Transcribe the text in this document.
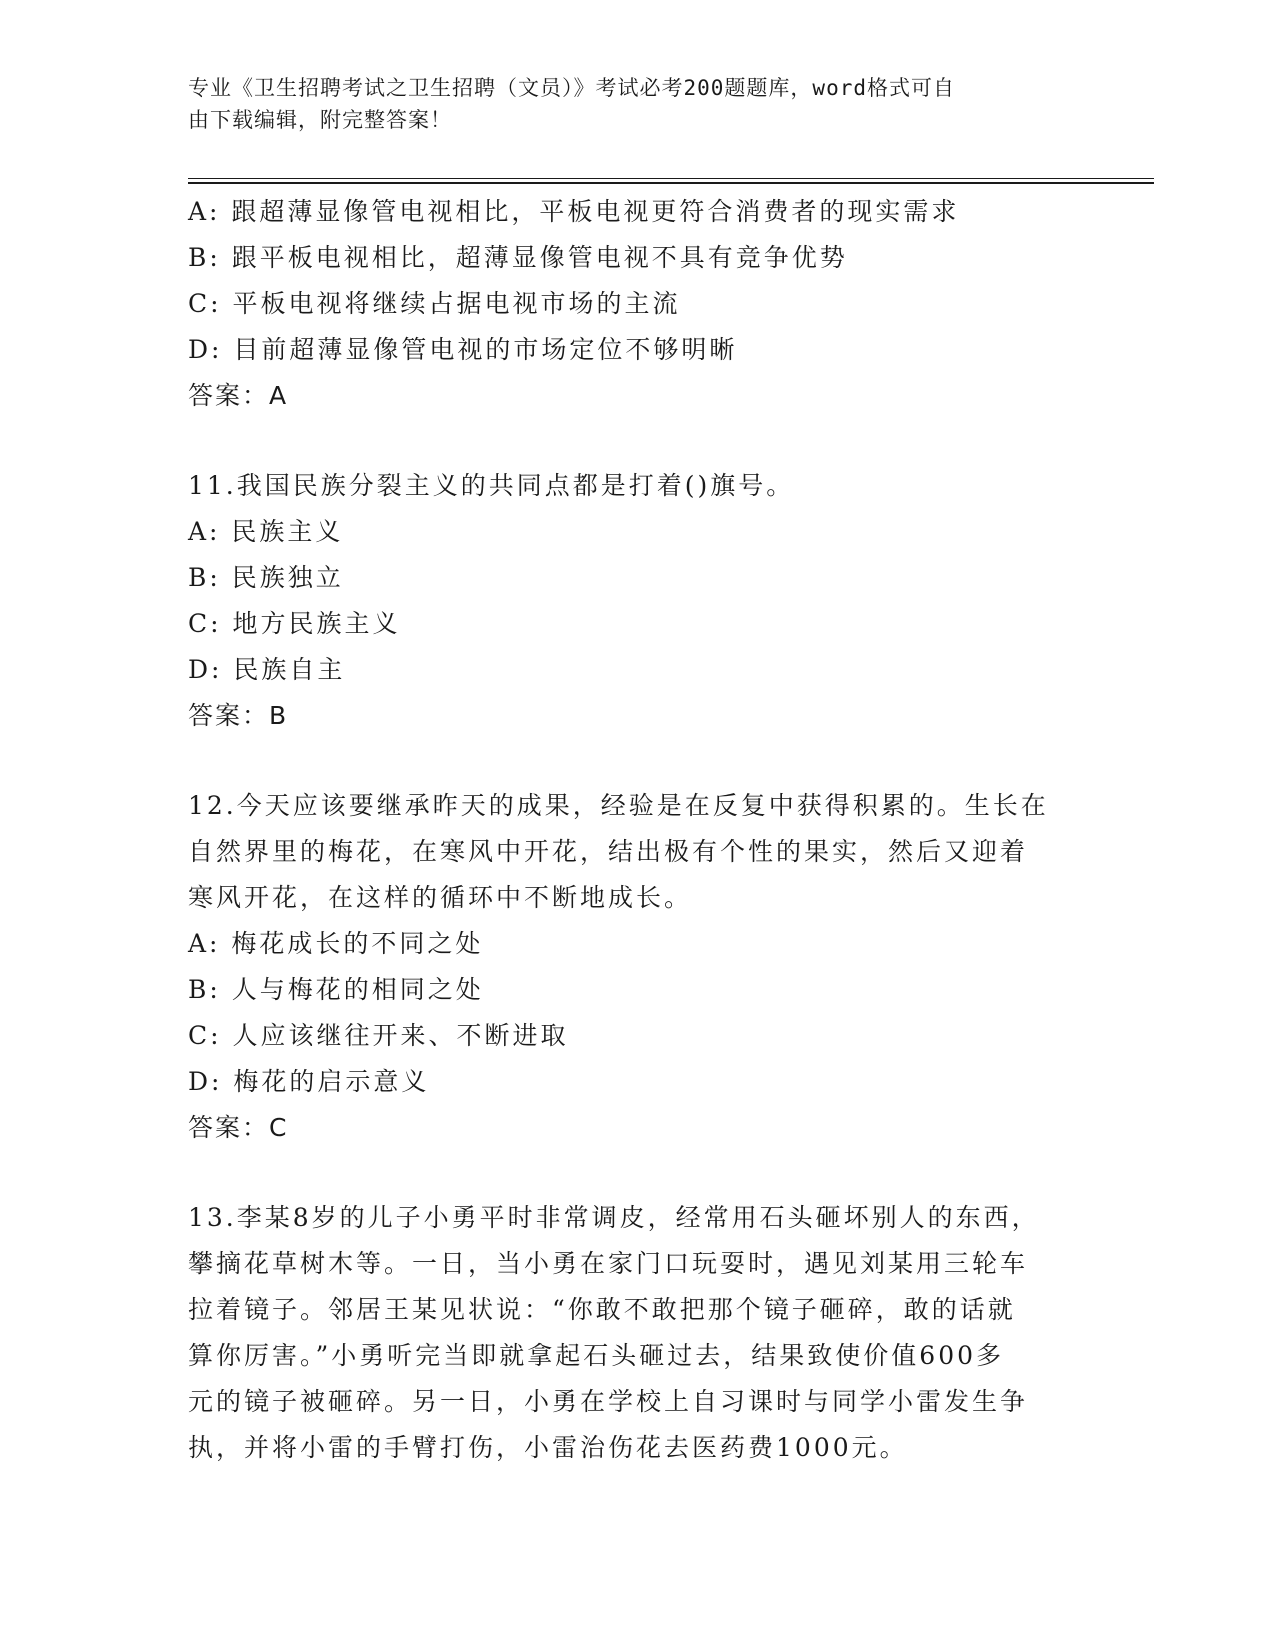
专业《卫生招聘考试之卫生招聘（文员）》考试必考200题题库，word格式可自
由下载编辑，附完整答案！
A: 跟超薄显像管电视相比，平板电视更符合消费者的现实需求
B: 跟平板电视相比，超薄显像管电视不具有竞争优势
C: 平板电视将继续占据电视市场的主流
D: 目前超薄显像管电视的市场定位不够明晰
答案：A
11.我国民族分裂主义的共同点都是打着()旗号。
A: 民族主义
B: 民族独立
C: 地方民族主义
D: 民族自主
答案：B
12.今天应该要继承昨天的成果，经验是在反复中获得积累的。生长在
自然界里的梅花，在寒风中开花，结出极有个性的果实，然后又迎着
寒风开花，在这样的循环中不断地成长。
A: 梅花成长的不同之处
B: 人与梅花的相同之处
C: 人应该继往开来、不断进取
D: 梅花的启示意义
答案：C
13.李某8岁的儿子小勇平时非常调皮，经常用石头砸坏别人的东西，
攀摘花草树木等。一日，当小勇在家门口玩耍时，遇见刘某用三轮车
拉着镜子。邻居王某见状说：“你敢不敢把那个镜子砸碎，敢的话就
算你厉害。”小勇听完当即就拿起石头砸过去，结果致使价值600多
元的镜子被砸碎。另一日，小勇在学校上自习课时与同学小雷发生争
执，并将小雷的手臂打伤，小雷治伤花去医药费1000元。
